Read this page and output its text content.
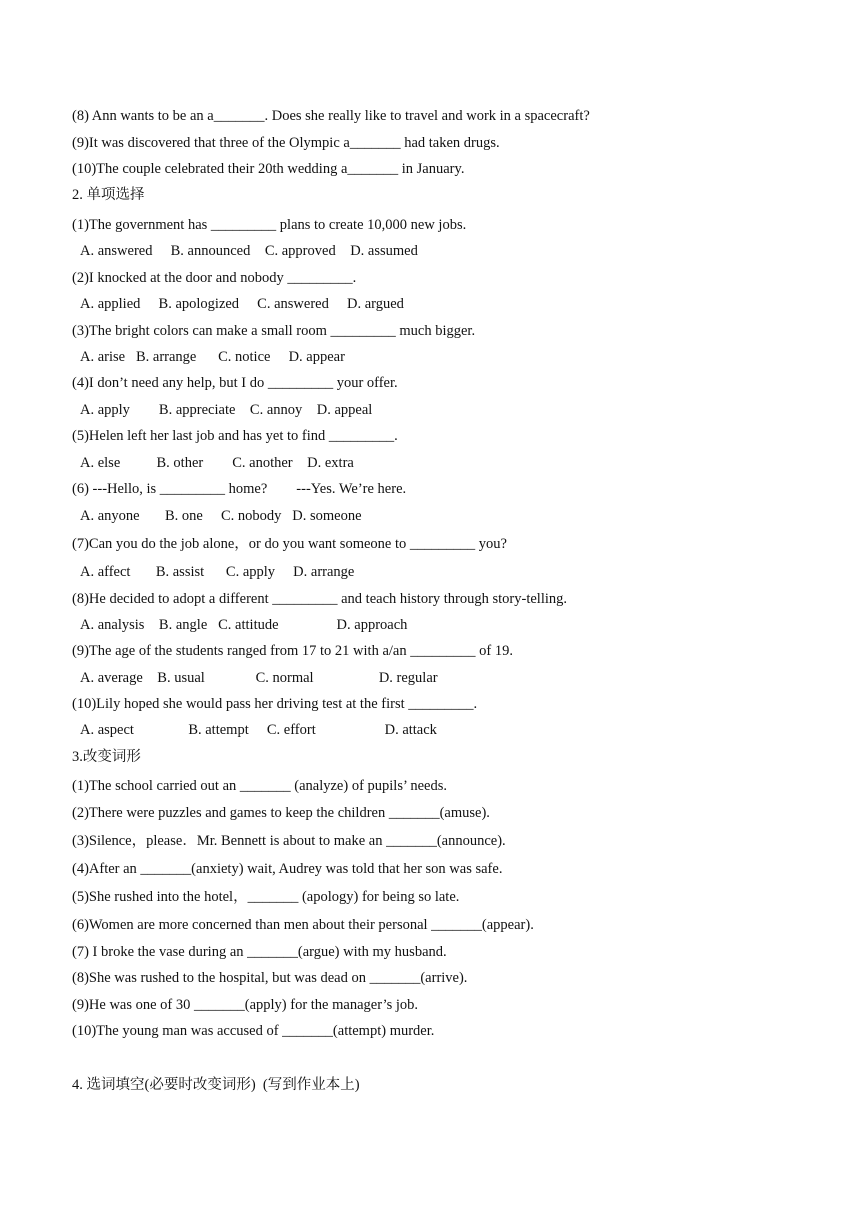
(8) Ann wants to be an a_______. Does she really like to travel and work in a spacecraft?
(9)It was discovered that three of the Olympic a_______ had taken drugs.
(10)The couple celebrated their 20th wedding a_______ in January.
2. 单项选择
(1)The government has _________ plans to create 10,000 new jobs.
A. answered     B. announced    C. approved    D. assumed
(2)I knocked at the door and nobody _________.
A. applied     B. apologized     C. answered     D. argued
(3)The bright colors can make a small room _________ much bigger.
A. arise   B. arrange      C. notice     D. appear
(4)I don’t need any help, but I do _________ your offer.
A. apply        B. appreciate    C. annoy    D. appeal
(5)Helen left her last job and has yet to find _________.
A. else          B. other        C. another    D. extra
(6) ---Hello, is _________ home?        ---Yes. We’re here.
A. anyone       B. one     C. nobody   D. someone
(7)Can you do the job alone，or do you want someone to _________ you?
A. affect       B. assist      C. apply     D. arrange
(8)He decided to adopt a different _________ and teach history through story-telling.
A. analysis    B. angle   C. attitude                D. approach
(9)The age of the students ranged from 17 to 21 with a/an _________ of 19.
A. average    B. usual              C. normal                  D. regular
(10)Lily hoped she would pass her driving test at the first _________.
A. aspect               B. attempt     C. effort                   D. attack
3.改变词形
(1)The school carried out an _______ (analyze) of pupils’ needs.
(2)There were puzzles and games to keep the children _______(amuse).
(3)Silence，please．Mr. Bennett is about to make an _______(announce).
(4)After an _______(anxiety) wait, Audrey was told that her son was safe.
(5)She rushed into the hotel，_______ (apology) for being so late.
(6)Women are more concerned than men about their personal _______(appear).
(7) I broke the vase during an _______(argue) with my husband.
(8)She was rushed to the hospital, but was dead on _______(arrive).
(9)He was one of 30 _______(apply) for the manager’s job.
(10)The young man was accused of _______(attempt) murder.
4. 选词填空(必要时改变词形)  (写到作业本上)
